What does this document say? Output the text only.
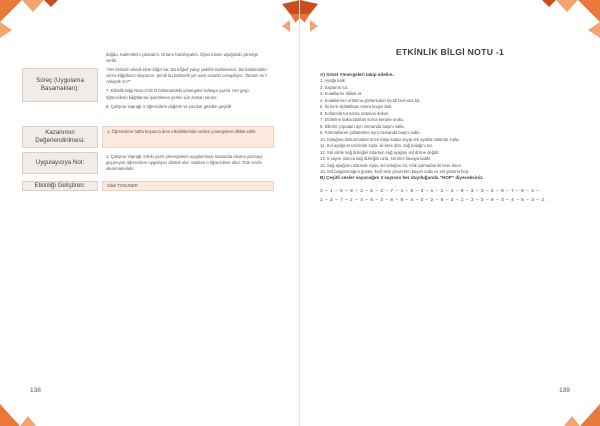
Süreç (Uygulama Basamakları):

doğdu. Kalemlerini çıkaralım. Ortamı hazırlayalım. Öğrencilerin aşağıdaki yönerge verilir.

"Her birinizin elinde birer kâğıt var. Bu kâğıdı yatay şekilde katlamanızı. Bu katlamadan sonra kâğıdınızı oluşturun. Şimdi bu bölümde yer alan soruları cevaplayın. Tamam mı? Anlaştık mı?"

7. Etkinlik Bilgi Notu-2'nin B bölümündeki yönergeler tahtaya yazılır. Her grup, öğrencilerin kâğıtlarına işaretlenen yerleri için zaman tanınır.

8. Çalışma Yaprağı-1 öğrencilere dağıtılır ve yazıları gözden geçirilir.

Kazanımın Değerlendirilmesi:

1. Öğrencilere hafta boyunca ders etkinliklerinde verilen yönergelere dikkat edilir.

Uygulayıcıya Not:

1. Çalışma Yaprağı-1'deki yazılı yönergelerin uygulanması sırasında okuma yazmayı geçmeyen öğrencilere uygulayıcı destek olur. Sadece o öğrencilere okur. Tüm sınıfa okunmamalıdır.

Etkinliği Geliştiren:	Sibel TOSUNER

138
ETKİNLİK BİLGİ NOTU -1
A) Sözel Yönergeleri takip edelim.
1. Ayağa kalk.
2. Saçlarını tut.
3. Kulaklarını dikkat et.
4. Kulaklarının ortasına gözlerinden kendi burnuna tut.
5. İki kere ziplattıktan sonra kıvgın bak.
6. Kollarınla tut sonra ortasına dokun.
7. Dizlerine dokunduktan sonra kenare oruku.
8. Ellerini çırpadan ayrı zamanda başını salla.
9. Parmaklarını şıklattırken aynı zamanda başını salla.
10. Kolağına dokunmadan önce başa kadar sayıp tek ayakla üstünde zıpla.
11. Sol ayağının üzerinde zıpla, iki kere dön, sağ kolağını tut.
12. Sol elinle sağ dizleğini tutarken sağ ayağını sol dizine değdir.
13. 5 sayısı olunca sağ dizleğini uzat, sol elini havaya kaldır.
14. Sağ ayağının üstünde zıpla, sol kolağını tut, sılık çalmadan iki kere dsus.
15. Sol başparmağını göster, kedi sesi çıkarırken başını salla ve sol gözünü kırp.
B) Çeşitli sesler sayacağım 3 sayısını her duyduğunda "HOP" diyeceksiniz.
3 – 1 – 6 – 9 – 2 – 5 – 3 – 7 – 4 – 8 – 3 – 1 – 2 – 4 – 8 – 3 – 3 – 6 – 9 – 7 – 8 – 3 –
1 – 3 – 7 – 2 – 4 – 5 – 3 – 6 – 8 – 4 – 3 – 2 – 6 – 3 – 1 – 3 – 2 – 9 – 3 – 4 – 8 – 3 – 2 .
139
